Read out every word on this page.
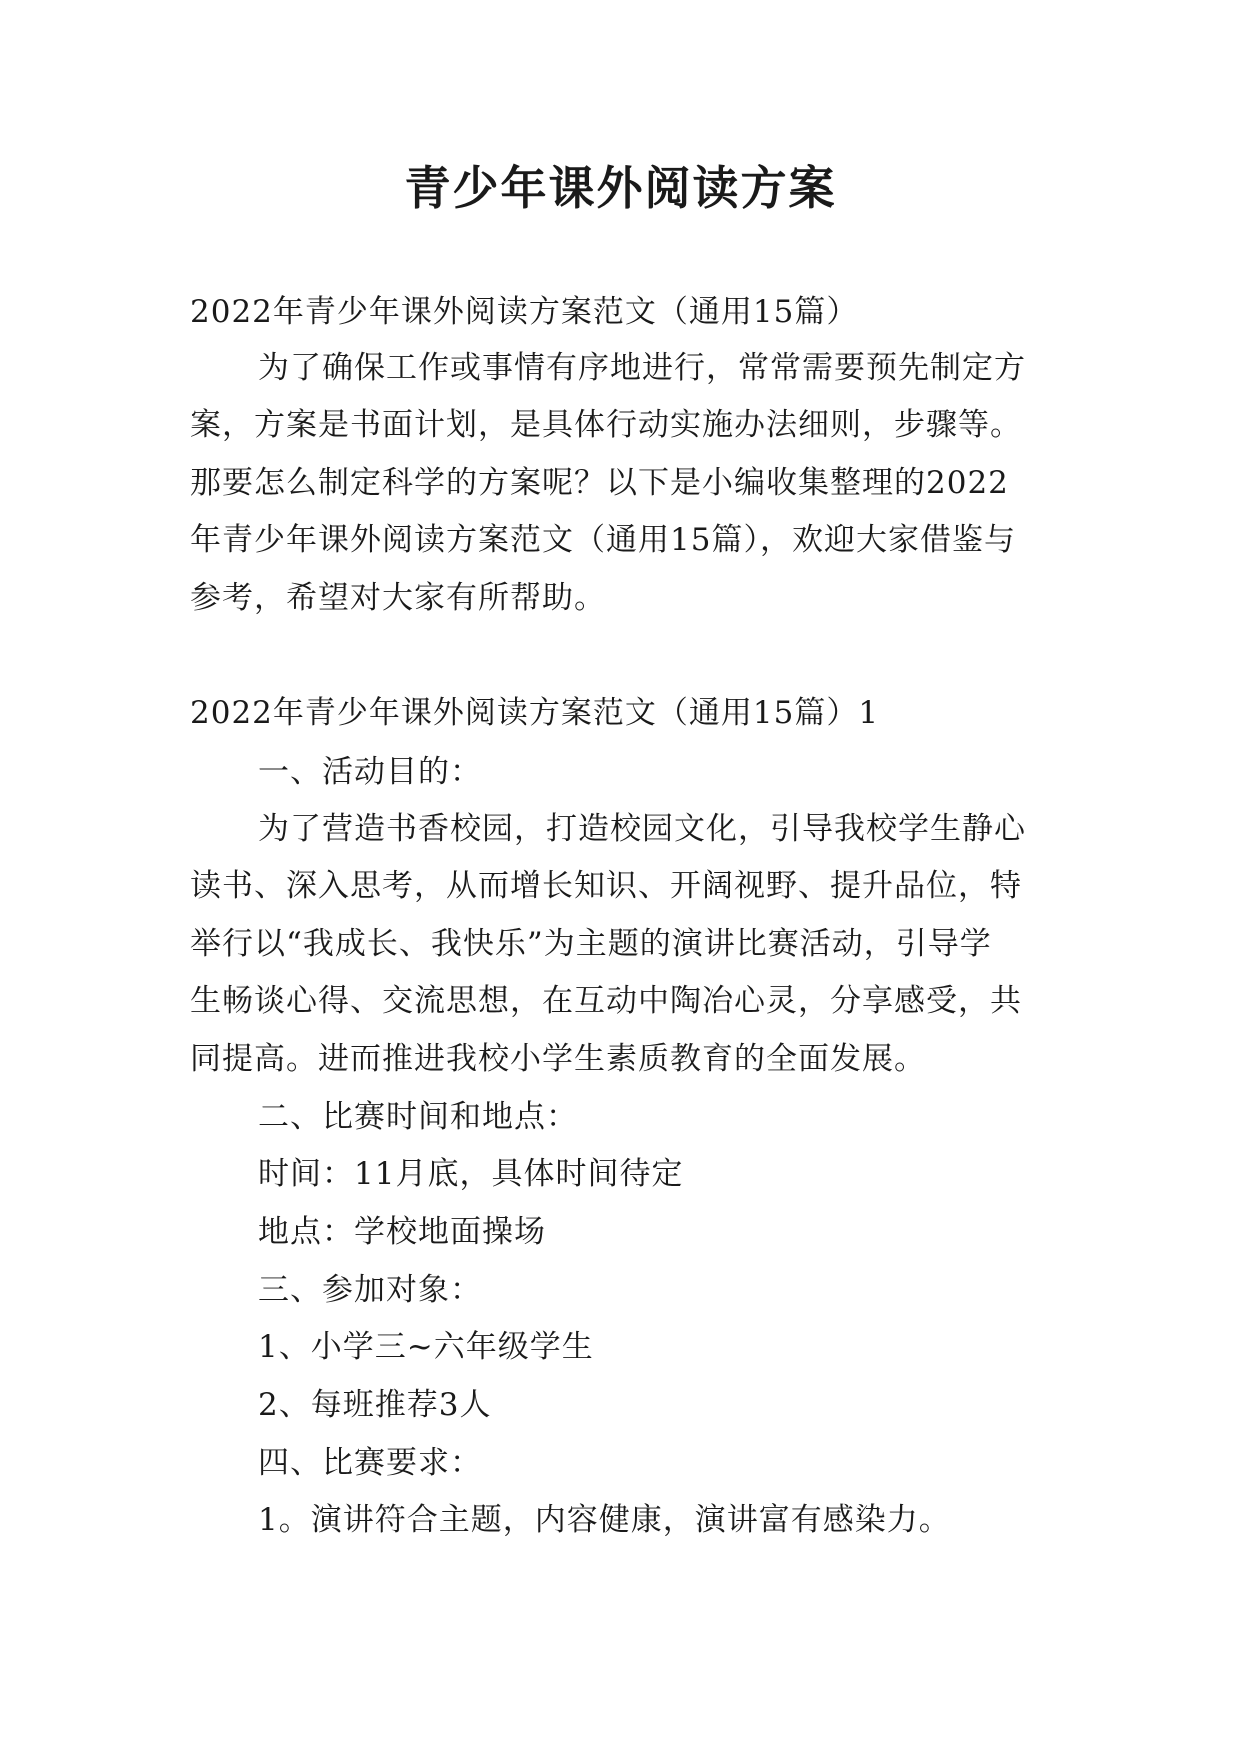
青少年课外阅读方案
2022年青少年课外阅读方案范文（通用15篇）
为了确保工作或事情有序地进行，常常需要预先制定方
案，方案是书面计划，是具体行动实施办法细则，步骤等。
那要怎么制定科学的方案呢？以下是小编收集整理的2022
年青少年课外阅读方案范文（通用15篇），欢迎大家借鉴与
参考，希望对大家有所帮助。
2022年青少年课外阅读方案范文（通用15篇）1
一、活动目的：
为了营造书香校园，打造校园文化，引导我校学生静心
读书、深入思考，从而增长知识、开阔视野、提升品位，特
举行以“我成长、我快乐”为主题的演讲比赛活动，引导学
生畅谈心得、交流思想，在互动中陶冶心灵，分享感受，共
同提高。进而推进我校小学生素质教育的全面发展。
二、比赛时间和地点：
时间：11月底，具体时间待定
地点：学校地面操场
三、参加对象：
1、小学三~六年级学生
2、每班推荐3人
四、比赛要求：
1。演讲符合主题，内容健康，演讲富有感染力。
